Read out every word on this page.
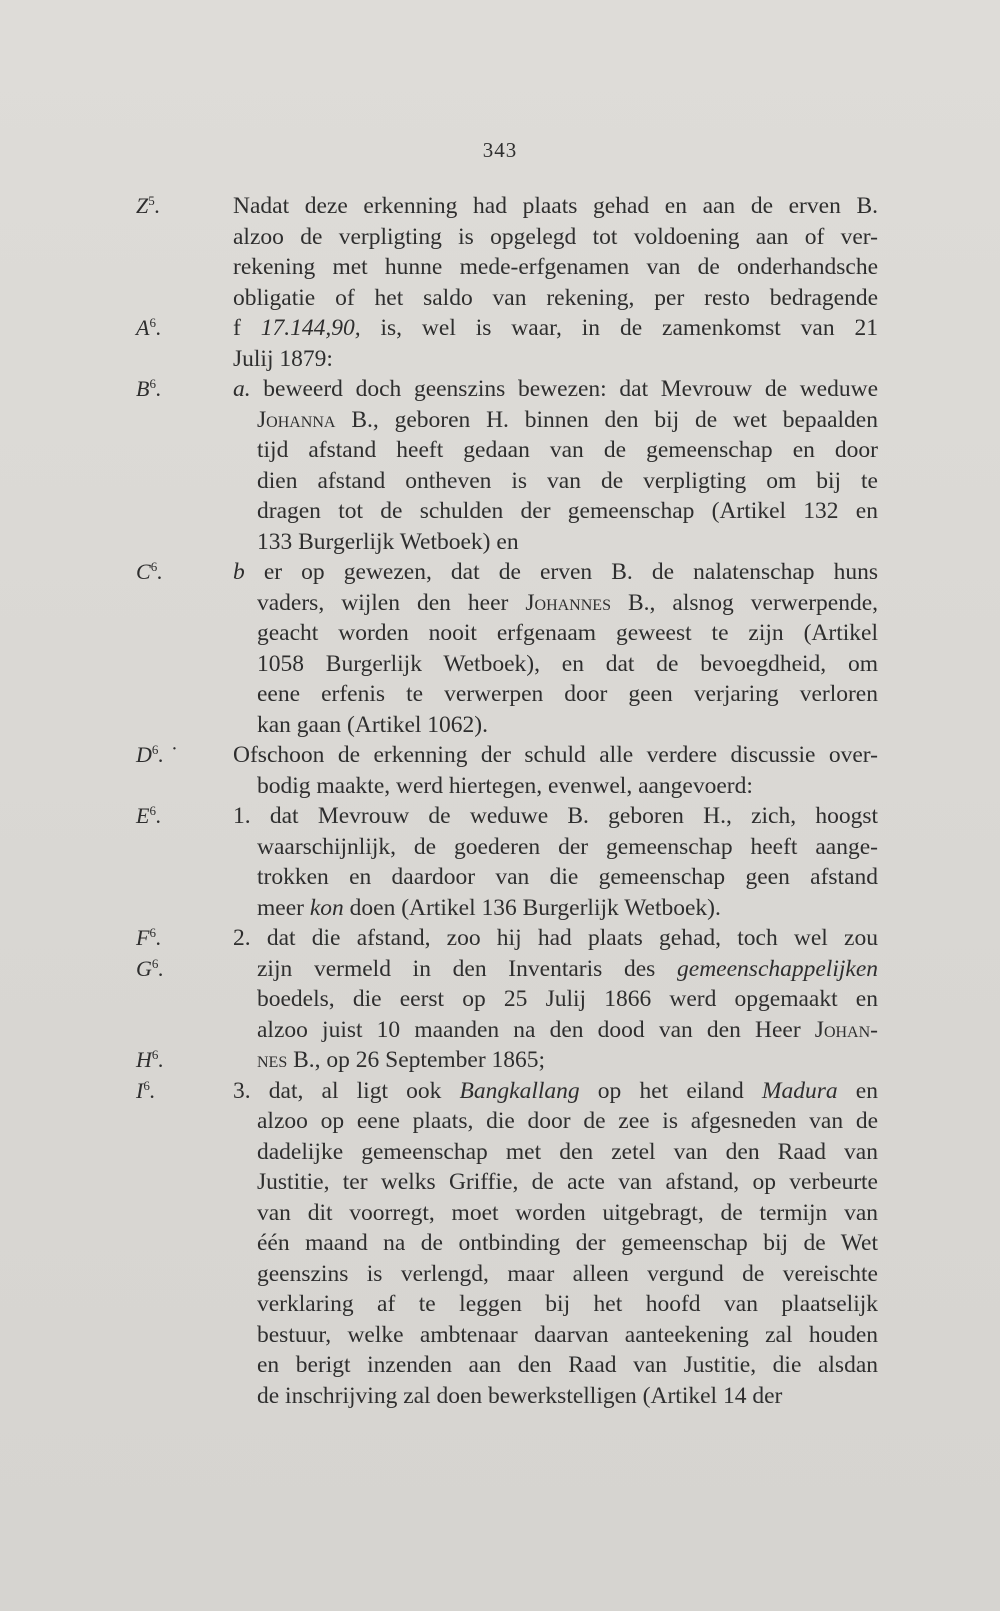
343
$Z^5$.
$A^6$.
$B^6$.
$C^6$.
$D^6$. ˙
$E^6$.
$F^6$.
$G^6$.
$H^6$.
$I^6$.
Nadat deze erkenning had plaats gehad en aan de erven B.
alzoo de verpligting is opgelegd tot voldoening aan of ver-
rekening met hunne mede-erfgenamen van de onderhandsche
obligatie of het saldo van rekening, per resto bedragende
f 17.144,90, is, wel is waar, in de zamenkomst van 21
Julij 1879:
a. beweerd doch geenszins bewezen: dat Mevrouw de weduwe
Johanna B., geboren H. binnen den bij de wet bepaalden
tijd afstand heeft gedaan van de gemeenschap en door
dien afstand ontheven is van de verpligting om bij te
dragen tot de schulden der gemeenschap (Artikel 132 en
133 Burgerlijk Wetboek) en
b er op gewezen, dat de erven B. de nalatenschap huns
vaders, wijlen den heer Johannes B., alsnog verwerpende,
geacht worden nooit erfgenaam geweest te zijn (Artikel
1058 Burgerlijk Wetboek), en dat de bevoegdheid, om
eene erfenis te verwerpen door geen verjaring verloren
kan gaan (Artikel 1062).
Ofschoon de erkenning der schuld alle verdere discussie over-
bodig maakte, werd hiertegen, evenwel, aangevoerd:
1. dat Mevrouw de weduwe B. geboren H., zich, hoogst
waarschijnlijk, de goederen der gemeenschap heeft aange-
trokken en daardoor van die gemeenschap geen afstand
meer kon doen (Artikel 136 Burgerlijk Wetboek).
2. dat die afstand, zoo hij had plaats gehad, toch wel zou
zijn vermeld in den Inventaris des gemeenschappelijken
boedels, die eerst op 25 Julij 1866 werd opgemaakt en
alzoo juist 10 maanden na den dood van den Heer Johan-
nes B., op 26 September 1865;
3. dat, al ligt ook Bangkallang op het eiland Madura en
alzoo op eene plaats, die door de zee is afgesneden van de
dadelijke gemeenschap met den zetel van den Raad van
Justitie, ter welks Griffie, de acte van afstand, op verbeurte
van dit voorregt, moet worden uitgebragt, de termijn van
één maand na de ontbinding der gemeenschap bij de Wet
geenszins is verlengd, maar alleen vergund de vereischte
verklaring af te leggen bij het hoofd van plaatselijk
bestuur, welke ambtenaar daarvan aanteekening zal houden
en berigt inzenden aan den Raad van Justitie, die alsdan
de inschrijving zal doen bewerkstelligen (Artikel 14 der
